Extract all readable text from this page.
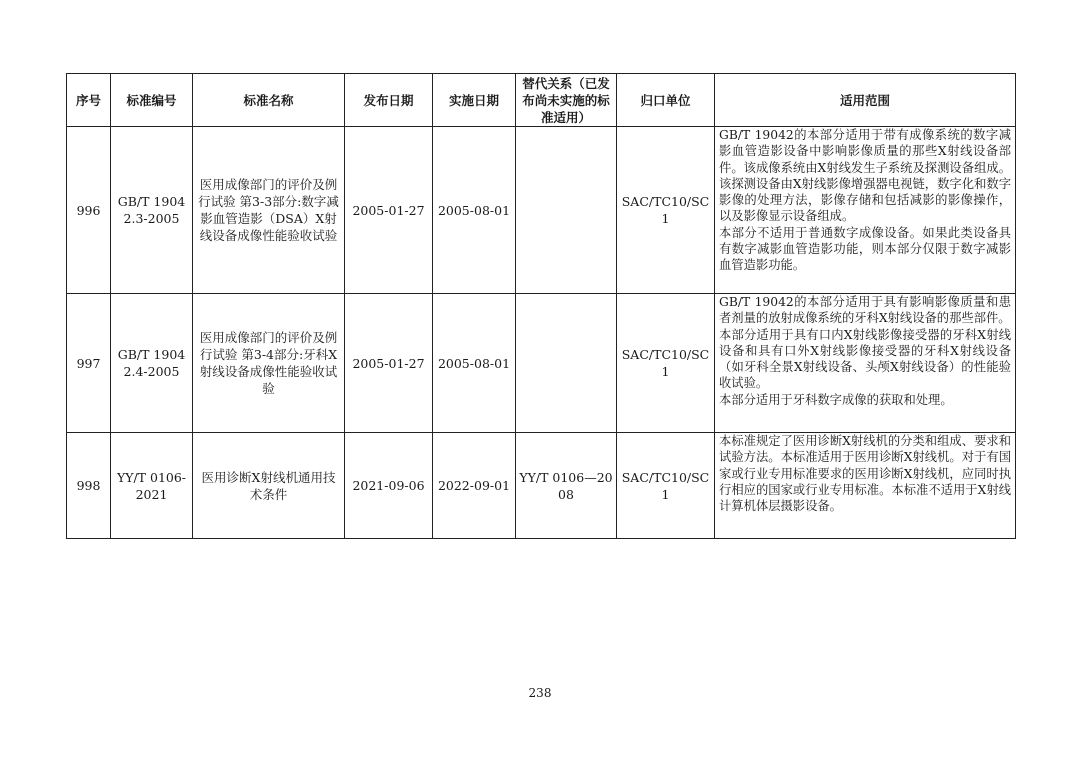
序号	标准编号	标准名称	发布日期	实施日期	替代关系（已发布尚未实施的标准适用）	归口单位	适用范围
996	GB/T 19042.3-2005	医用成像部门的评价及例行试验 第3-3部分:数字减影血管造影（DSA）X射线设备成像性能验收试验	2005-01-27	2005-08-01		SAC/TC10/SC1	GB/T 19042的本部分适用于带有成像系统的数字减影血管造影设备中影响影像质量的那些X射线设备部件。该成像系统由X射线发生子系统及探测设备组成。该探测设备由X射线影像增强器电视链，数字化和数字影像的处理方法，影像存储和包括减影的影像操作，以及影像显示设备组成。

本部分不适用于普通数字成像设备。如果此类设备具有数字减影血管造影功能，则本部分仅限于数字减影血管造影功能。

997	GB/T 19042.4-2005	医用成像部门的评价及例行试验 第3-4部分:牙科X射线设备成像性能验收试验	2005-01-27	2005-08-01		SAC/TC10/SC1	GB/T 19042的本部分适用于具有影响影像质量和患者剂量的放射成像系统的牙科X射线设备的那些部件。

本部分适用于具有口内X射线影像接受器的牙科X射线设备和具有口外X射线影像接受器的牙科X射线设备（如牙科全景X射线设备、头颅X射线设备）的性能验收试验。

本部分适用于牙科数字成像的获取和处理。

998	YY/T 0106-2021	医用诊断X射线机通用技术条件	2021-09-06	2022-09-01	YY/T 0106—2008	SAC/TC10/SC1	本标准规定了医用诊断X射线机的分类和组成、要求和试验方法。本标准适用于医用诊断X射线机。对于有国家或行业专用标准要求的医用诊断X射线机，应同时执行相应的国家或行业专用标准。本标准不适用于X射线计算机体层摄影设备。

238
